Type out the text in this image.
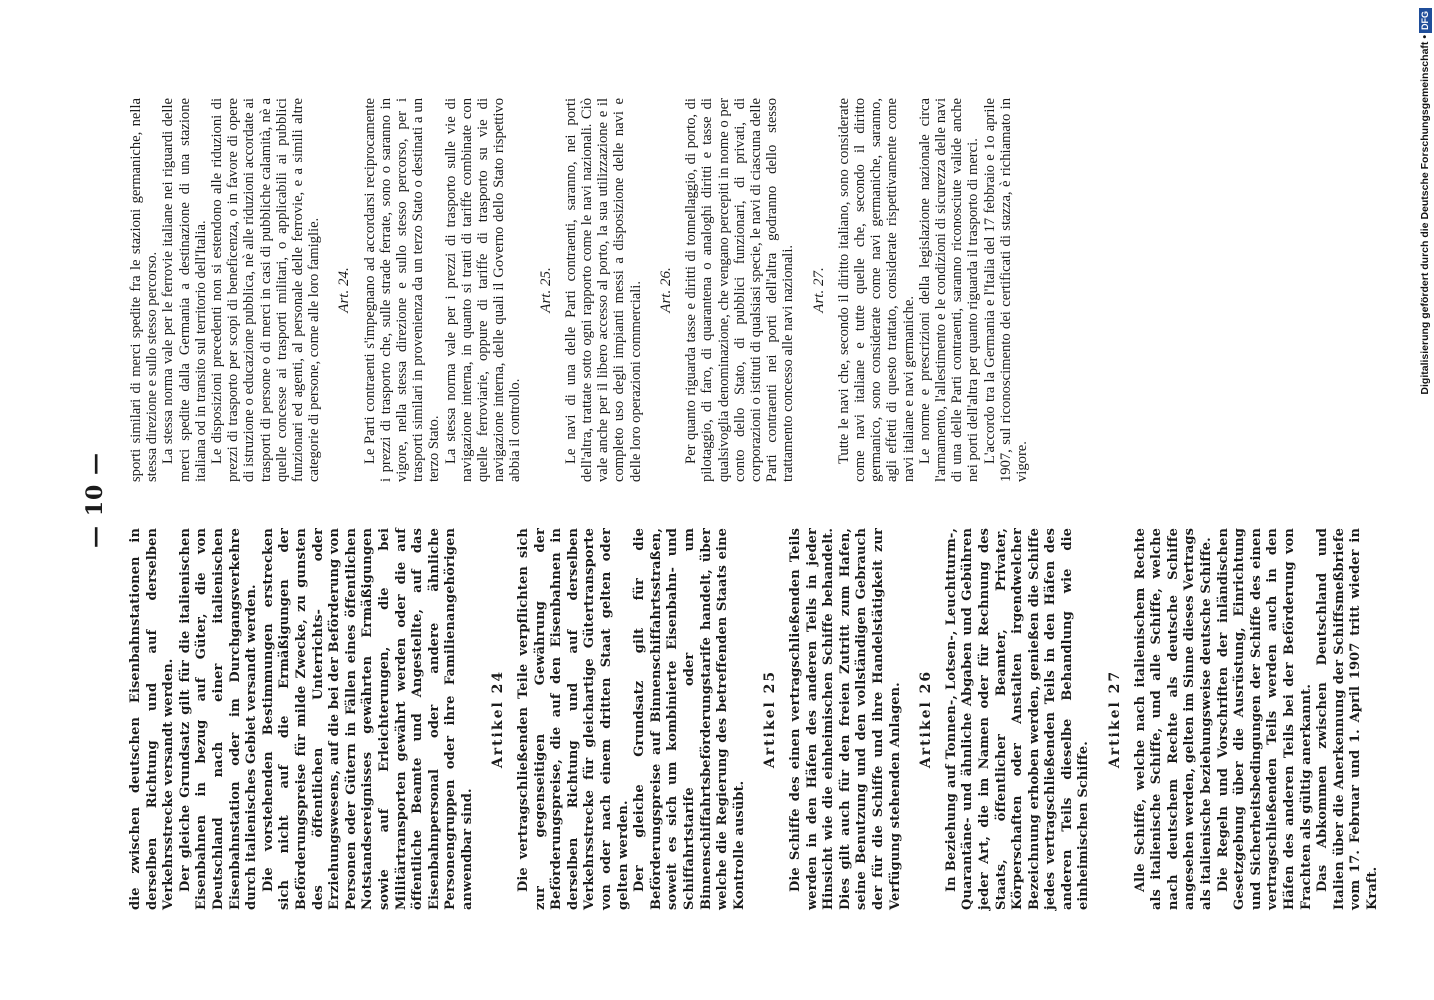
— 10 —

die zwischen deutschen Eisenbahnstationen in derselben Richtung und auf derselben Verkehrsstrecke versandt werden. Der gleiche Grundsatz gilt für die italienischen Eisenbahnen in bezug auf Güter, die von Deutschland nach einer italienischen Eisenbahnstation oder im Durchgangsverkehre durch italienisches Gebiet versandt werden. Die vorstehenden Bestimmungen erstrecken sich nicht auf die Ermäßigungen der Beförderungspreise für milde Zwecke, zu gunsten des öffentlichen Unterrichts- oder Erziehungswesens, auf die bei der Beförderung von Personen oder Gütern in Fällen eines öffentlichen Notstandsereignisses gewährten Ermäßigungen sowie auf Erleichterungen, die bei Militärtransporten gewährt werden oder die auf öffentliche Beamte und Angestellte, auf das Eisenbahnpersonal oder andere ähnliche Personengruppen oder ihre Familienangehörigen anwendbar sind.

Artikel 24 Die vertragschließenden Teile verpflichten sich zur gegenseitigen Gewährung der Beförderungspreise, die auf den Eisenbahnen in derselben Richtung und auf derselben Verkehrsstrecke für gleichartige Gütertransporte von oder nach einem dritten Staat gelten oder gelten werden. Der gleiche Grundsatz gilt für die Beförderungspreise auf Binnenschiffahrtsstraßen, soweit es sich um kombinierte Eisenbahn- und Schiffahrtstarife oder um Binnenschiffahrtsbeförderungstarife handelt, über welche die Regierung des betreffenden Staats eine Kontrolle ausübt.

Artikel 25 Die Schiffe des einen vertragschließenden Teils werden in den Häfen des anderen Teils in jeder Hinsicht wie die einheimischen Schiffe behandelt. Dies gilt auch für den freien Zutritt zum Hafen, seine Benutzung und den vollständigen Gebrauch der für die Schiffe und ihre Handelstätigkeit zur Verfügung stehenden Anlagen. Artikel 26 In Beziehung auf Tonnen-, Lotsen-, Leuchtturm-, Quarantäne- und ähnliche Abgaben und Gebühren jeder Art, die im Namen oder für Rechnung des Staats, öffentlicher Beamter, Privater, Körperschaften oder Anstalten irgendwelcher Bezeichnung erhoben werden, genießen die Schiffe jedes vertragschließenden Teils in den Häfen des anderen Teils dieselbe Behandlung wie die einheimischen Schiffe.

Artikel 27 Alle Schiffe, welche nach italienischem Rechte als italienische Schiffe, und alle Schiffe, welche nach deutschem Rechte als deutsche Schiffe angesehen werden, gelten im Sinne dieses Vertrags als italienische beziehungsweise deutsche Schiffe. Die Regeln und Vorschriften der inländischen Gesetzgebung über die Ausrüstung, Einrichtung und Sicherheitsbedingungen der Schiffe des einen vertragschließenden Teils werden auch in den Häfen des anderen Teils bei der Beförderung von Frachten als gültig anerkannt. Das Abkommen zwischen Deutschland und Italien über die Anerkennung der Schiffsmeßbriefe vom 17. Februar und 1. April 1907 tritt wieder in Kraft.

sporti similari di merci spedite fra le stazioni germaniche, nella stessa direzione e sullo stesso percorso. La stessa norma vale per le ferrovie italiane nei riguardi delle merci spedite dalla Germania a destinazione di una stazione italiana od in transito sul territorio dell'Italia. Le disposizioni precedenti non si estendono alle riduzioni di prezzi di trasporto per scopi di beneficenza, o in favore di opere di istruzione o educazione pubblica, nè alle riduzioni accordate ai trasporti di persone o di merci in casi di pubbliche calamità, nè a quelle concesse ai trasporti militari, o applicabili ai pubblici funzionari ed agenti, al personale delle ferrovie, e a simili altre categorie di persone, come alle loro famiglie. Art. 24. Le Parti contraenti s'impegnano ad accordarsi reciprocamente i prezzi di trasporto che, sulle strade ferrate, sono o saranno in vigore, nella stessa direzione e sullo stesso percorso, per i trasporti similari in provenienza da un terzo Stato o destinati a un terzo Stato. La stessa norma vale per i prezzi di trasporto sulle vie di navigazione interna, in quanto si tratti di tariffe combinate con quelle ferroviarie, oppure di tariffe di trasporto su vie di navigazione interna, delle quali il Governo dello Stato rispettivo abbia il controllo.

Art. 25. Le navi di una delle Parti contraenti, saranno, nei porti dell'altra, trattate sotto ogni rapporto come le navi nazionali. Ciò vale anche per il libero accesso al porto, la sua utilizzazione e il completo uso degli impianti messi a disposizione delle navi e delle loro operazioni commerciali. Art. 26. Per quanto riguarda tasse e diritti di tonnellaggio, di porto, di pilotaggio, di faro, di quarantena o analoghi diritti e tasse di qualsivoglia denominazione, che vengano percepiti in nome o per conto dello Stato, di pubblici funzionari, di privati, di corporazioni o istituti di qualsiasi specie, le navi di ciascuna delle Parti contraenti nei porti dell'altra godranno dello stesso trattamento concesso alle navi nazionali. Art. 27. Tutte le navi che, secondo il diritto italiano, sono considerate come navi italiane e tutte quelle che, secondo il diritto germanico, sono considerate come navi germaniche, saranno, agli effetti di questo trattato, considerate rispettivamente come navi italiane e navi germaniche. Le norme e prescrizioni della legislazione nazionale circa l'armamento, l'allestimento e le condizioni di sicurezza delle navi di una delle Parti contraenti, saranno riconosciute valide anche nei porti dell'altra per quanto riguarda il trasporto di merci. L'accordo tra la Germania e l'Italia del 17 febbraio e 1o aprile 1907, sul riconoscimento dei certificati di stazza, è richiamato in vigore.

Digitalisierung gefördert durch die Deutsche Forschungsgemeinschaft •
DFG
